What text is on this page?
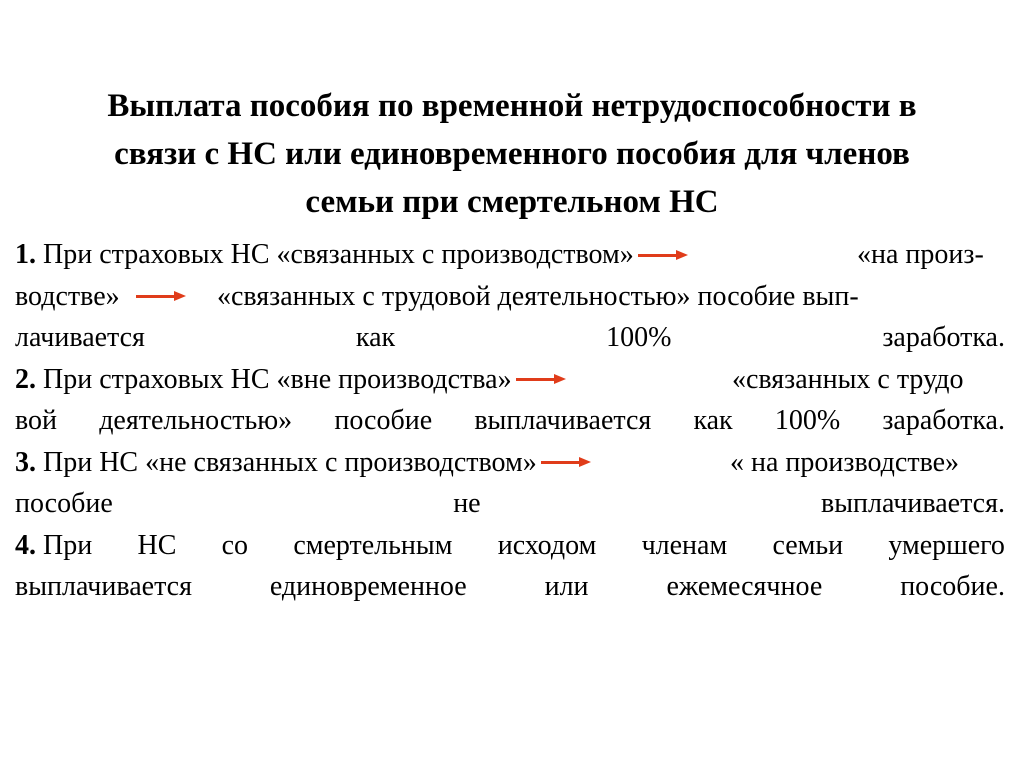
Выплата пособия по временной нетрудоспособности в
связи с НС или единовременного пособия для членов
семьи при смертельном НС
1. При страховых НС «связанных с производством»	«на произ-
водстве»	«связанных с трудовой деятельностью» пособие вып-
лачивается	как	100%	заработка.
2. При страховых НС «вне производства»	«связанных с трудо
вой деятельностью» пособие выплачивается как 100% заработка.
3. При НС «не связанных с производством»	« на производстве»
пособие	не	выплачивается.
4. При НС со смертельным исходом членам семьи умершего
выплачивается	единовременное	или	ежемесячное	пособие.
